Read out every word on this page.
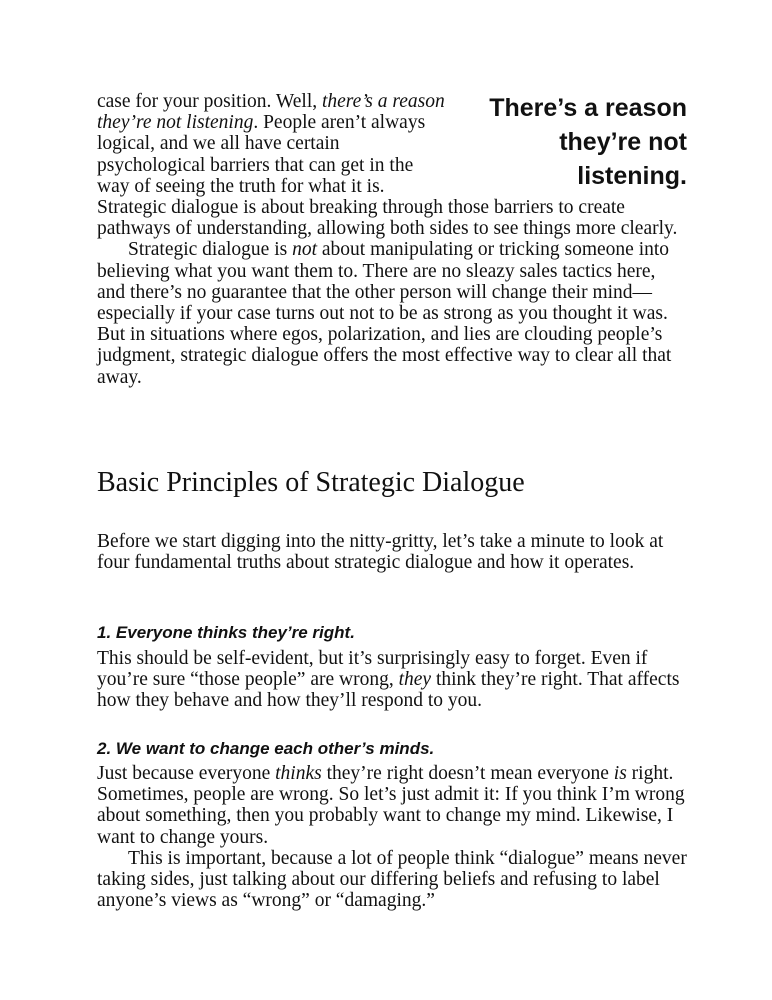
There’s a reason they’re not listening.

case for your position. Well, there’s a reason they’re not listening. People aren’t always logical, and we all have certain psychological barriers that can get in the way of seeing the truth for what it is. Strategic dialogue is about breaking through those barriers to create pathways of understanding, allowing both sides to see things more clearly.

Strategic dialogue is not about manipulating or tricking someone into believing what you want them to. There are no sleazy sales tactics here, and there’s no guarantee that the other person will change their mind—especially if your case turns out not to be as strong as you thought it was. But in situations where egos, polarization, and lies are clouding people’s judgment, strategic dialogue offers the most effective way to clear all that away.

Basic Principles of Strategic Dialogue

Before we start digging into the nitty-gritty, let’s take a minute to look at four fundamental truths about strategic dialogue and how it operates.

1. Everyone thinks they’re right.

This should be self-evident, but it’s surprisingly easy to forget. Even if you’re sure “those people” are wrong, they think they’re right. That affects how they behave and how they’ll respond to you.

2. We want to change each other’s minds.

Just because everyone thinks they’re right doesn’t mean everyone is right. Sometimes, people are wrong. So let’s just admit it: If you think I’m wrong about something, then you probably want to change my mind. Likewise, I want to change yours.

This is important, because a lot of people think “dialogue” means never taking sides, just talking about our differing beliefs and refusing to label anyone’s views as “wrong” or “damaging.”
